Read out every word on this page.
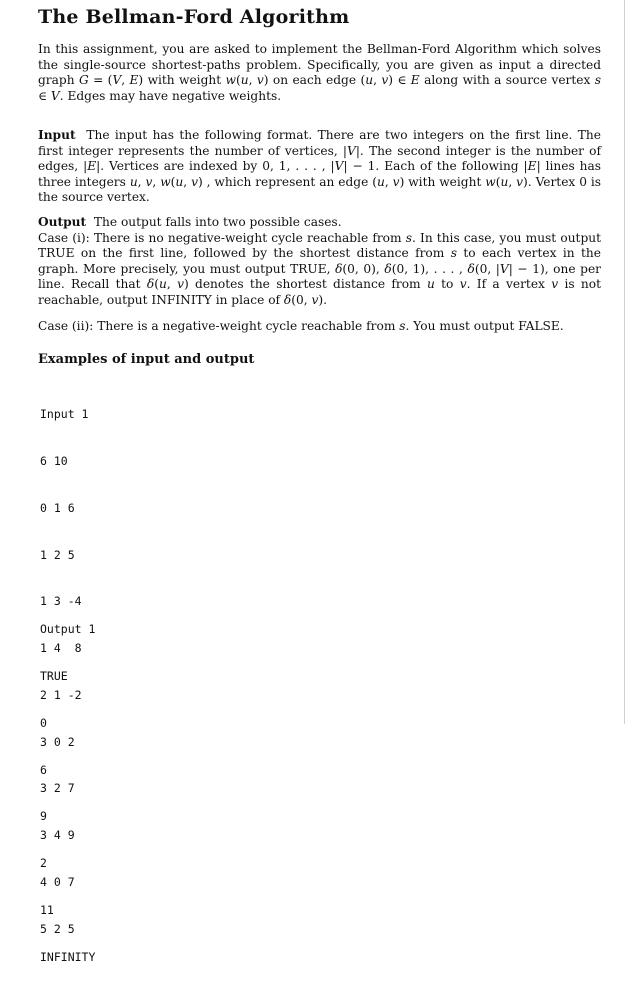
The Bellman-Ford Algorithm

In this assignment, you are asked to implement the Bellman-Ford Algorithm which solves the single-source shortest-paths problem. Specifically, you are given as input a directed graph G = (V, E) with weight w(u, v) on each edge (u, v) ∈ E along with a source vertex s ∈ V. Edges may have negative weights.

Input The input has the following format. There are two integers on the first line. The first integer represents the number of vertices, |V|. The second integer is the number of edges, |E|. Vertices are indexed by 0, 1, . . . , |V| − 1. Each of the following |E| lines has three integers u, v, w(u, v) , which represent an edge (u, v) with weight w(u, v). Vertex 0 is the source vertex.

Output The output falls into two possible cases.
Case (i): There is no negative-weight cycle reachable from s. In this case, you must output TRUE on the first line, followed by the shortest distance from s to each vertex in the graph. More precisely, you must output TRUE, δ(0, 0), δ(0, 1), . . . , δ(0, |V| − 1), one per line. Recall that δ(u, v) denotes the shortest distance from u to v. If a vertex v is not reachable, output INFINITY in place of δ(0, v).

Case (ii): There is a negative-weight cycle reachable from s. You must output FALSE.

Examples of input and output

Input 1

6 10

0 1 6

1 2 5

1 3 -4

1 4  8

2 1 -2

3 0 2

3 2 7

3 4 9

4 0 7

5 2 5

Output 1

TRUE

0

6

9

2

11

INFINITY
